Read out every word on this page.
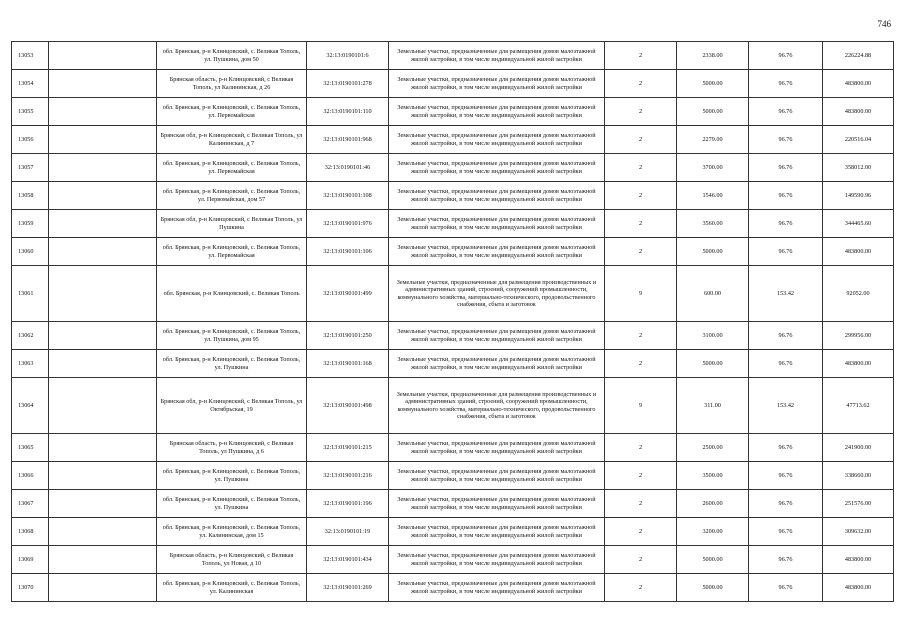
746
13053		обл. Брянская, р-н Клинцовский, с. Великая Тополь, ул. Пушкина, дом 50	32:13:0190101:6	Земельные участки, предназначенные для размещения домов малоэтажной жилой застройки, в том числе индивидуальной жилой застройки	2	2338.00	96.76	226224.88
13054		Брянская область, р-н Клинцовский, с Великая Тополь, ул Калининская, д 26	32:13:0190101:278	Земельные участки, предназначенные для размещения домов малоэтажной жилой застройки, в том числе индивидуальной жилой застройки	2	5000.00	96.76	483800.00
13055		обл. Брянская, р-н Клинцовский, с. Великая Тополь, ул. Первомайская	32:13:0190101:110	Земельные участки, предназначенные для размещения домов малоэтажной жилой застройки, в том числе индивидуальной жилой застройки	2	5000.00	96.76	483800.00
13056		Брянская обл, р-н Клинцовский, с Великая Тополь, ул Калининская, д 7	32:13:0190101:968	Земельные участки, предназначенные для размещения домов малоэтажной жилой застройки, в том числе индивидуальной жилой застройки	2	2279.00	96.76	220516.04
13057		обл. Брянская, р-н Клинцовский, с. Великая Тополь, ул. Первомайская	32:13:0190101:46	Земельные участки, предназначенные для размещения домов малоэтажной жилой застройки, в том числе индивидуальной жилой застройки	2	3700.00	96.76	358012.00
13058		обл. Брянская, р-н Клинцовский, с. Великая Тополь, ул. Первомайская, дом 57	32:13:0190101:108	Земельные участки, предназначенные для размещения домов малоэтажной жилой застройки, в том числе индивидуальной жилой застройки	2	1546.00	96.76	149590.96
13059		Брянская обл, р-н Клинцовский, с Великая Тополь, ул Пушкина	32:13:0190101:976	Земельные участки, предназначенные для размещения домов малоэтажной жилой застройки, в том числе индивидуальной жилой застройки	2	3560.00	96.76	344465.60
13060		обл. Брянская, р-н Клинцовский, с. Великая Тополь, ул. Первомайская	32:13:0190101:106	Земельные участки, предназначенные для размещения домов малоэтажной жилой застройки, в том числе индивидуальной жилой застройки	2	5000.00	96.76	483800.00
13061		обл. Брянская, р-н Клинцовский, с. Великая Тополь	32:13:0190101:499	Земельные участки, предназначенные для размещения производственных и административных зданий, строений, сооружений промышленности, коммунального хозяйства, материально-технического, продовольственного снабжения, сбыта и заготовок	9	600.00	153.42	92052.00
13062		обл. Брянская, р-н Клинцовский, с. Великая Тополь, ул. Пушкина, дом 95	32:13:0190101:250	Земельные участки, предназначенные для размещения домов малоэтажной жилой застройки, в том числе индивидуальной жилой застройки	2	3100.00	96.76	299956.00
13063		обл. Брянская, р-н Клинцовский, с. Великая Тополь, ул. Пушкина	32:13:0190101:168	Земельные участки, предназначенные для размещения домов малоэтажной жилой застройки, в том числе индивидуальной жилой застройки	2	5000.00	96.76	483800.00
13064		Брянская обл, р-н Клинцовский, с Великая Тополь, ул Октябрьская, 19	32:13:0190101:498	Земельные участки, предназначенные для размещения производственных и административных зданий, строений, сооружений промышленности, коммунального хозяйства, материально-технического, продовольственного снабжения, сбыта и заготовок	9	311.00	153.42	47713.62
13065		Брянская область, р-н Клинцовский, с Великая Тополь, ул Пушкина, д 6	32:13:0190101:215	Земельные участки, предназначенные для размещения домов малоэтажной жилой застройки, в том числе индивидуальной жилой застройки	2	2500.00	96.76	241900.00
13066		обл. Брянская, р-н Клинцовский, с. Великая Тополь, ул. Пушкина	32:13:0190101:216	Земельные участки, предназначенные для размещения домов малоэтажной жилой застройки, в том числе индивидуальной жилой застройки	2	3500.00	96.76	338660.00
13067		обл. Брянская, р-н Клинцовский, с. Великая Тополь, ул. Пушкина	32:13:0190101:196	Земельные участки, предназначенные для размещения домов малоэтажной жилой застройки, в том числе индивидуальной жилой застройки	2	2600.00	96.76	251576.00
13068		обл. Брянская, р-н Клинцовский, с. Великая Тополь, ул. Калининская, дом 15	32:13:0190101:19	Земельные участки, предназначенные для размещения домов малоэтажной жилой застройки, в том числе индивидуальной жилой застройки	2	3200.00	96.76	309632.00
13069		Брянская область, р-н Клинцовский, с Великая Тополь, ул Новая, д 10	32:13:0190101:434	Земельные участки, предназначенные для размещения домов малоэтажной жилой застройки, в том числе индивидуальной жилой застройки	2	5000.00	96.76	483800.00
13070		обл. Брянская, р-н Клинцовский, с. Великая Тополь, ул. Калининская	32:13:0190101:269	Земельные участки, предназначенные для размещения домов малоэтажной жилой застройки, в том числе индивидуальной жилой застройки	2	5000.00	96.76	483800.00
